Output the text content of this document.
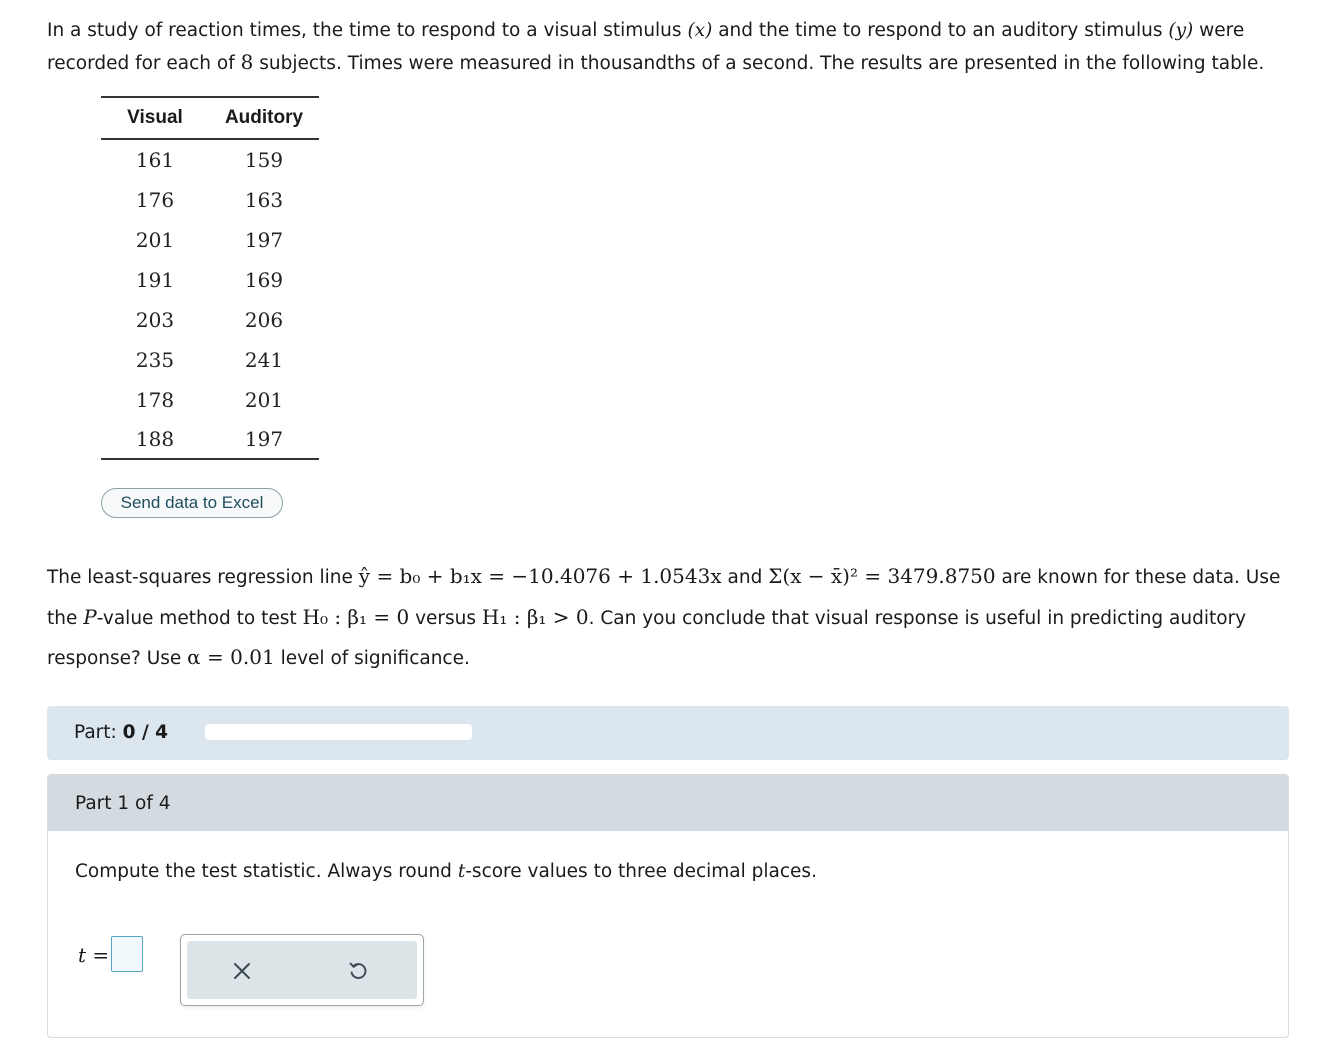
In a study of reaction times, the time to respond to a visual stimulus (x) and the time to respond to an auditory stimulus (y) were
recorded for each of 8 subjects. Times were measured in thousandths of a second. The results are presented in the following table.
Visual	Auditory
161	159
176	163
201	197
191	169
203	206
235	241
178	201
188	197
Send data to Excel
The least-squares regression line ŷ = b₀ + b₁x = −10.4076 + 1.0543x and Σ(x − x̄)² = 3479.8750 are known for these data. Use
the P-value method to test H₀ : β₁ = 0 versus H₁ : β₁ > 0. Can you conclude that visual response is useful in predicting auditory
response? Use α = 0.01 level of significance.
Part: 0 / 4
Part 1 of 4
Compute the test statistic. Always round t-score values to three decimal places.
t =
